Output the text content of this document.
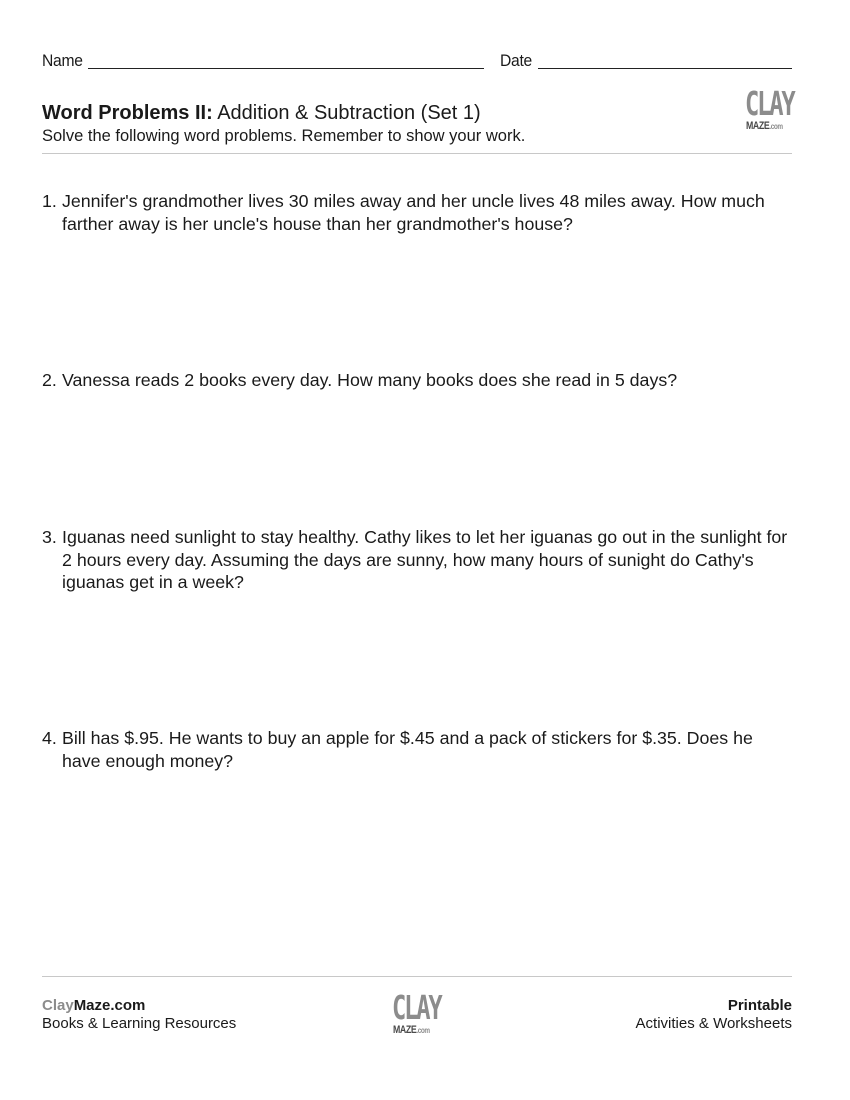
Name	Date
Word Problems II: Addition & Subtraction (Set 1)
Solve the following word problems. Remember to show your work.
CLAY
MAZE.com
1. Jennifer's grandmother lives 30 miles away and her uncle lives 48 miles away. How much farther away is her uncle's house than her grandmother's house?
2. Vanessa reads 2 books every day. How many books does she read in 5 days?
3. Iguanas need sunlight to stay healthy. Cathy likes to let her iguanas go out in the sunlight for 2 hours every day. Assuming the days are sunny, how many hours of sunight do Cathy's iguanas get in a week?
4. Bill has $.95. He wants to buy an apple for $.45 and a pack of stickers for $.35. Does he have enough money?
ClayMaze.com
Books & Learning Resources	CLAY
MAZE.com
Printable
Activities & Worksheets
